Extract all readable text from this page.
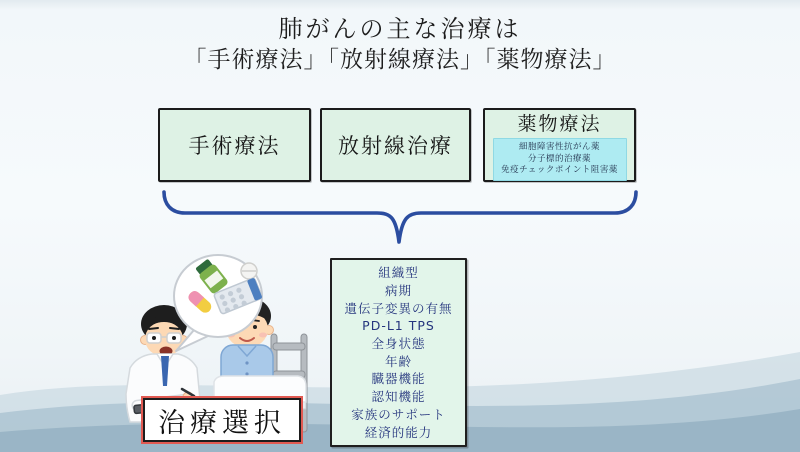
肺がんの主な治療は
「手術療法」「放射線療法」「薬物療法」
手術療法	放射線治療
薬物療法
細胞障害性抗がん薬
分子標的治療薬
免疫チェックポイント阻害薬
組織型
病期
遺伝子変異の有無
PD-L1 TPS
全身状態
年齢
臓器機能
認知機能
家族のサポート
経済的能力
治療選択
